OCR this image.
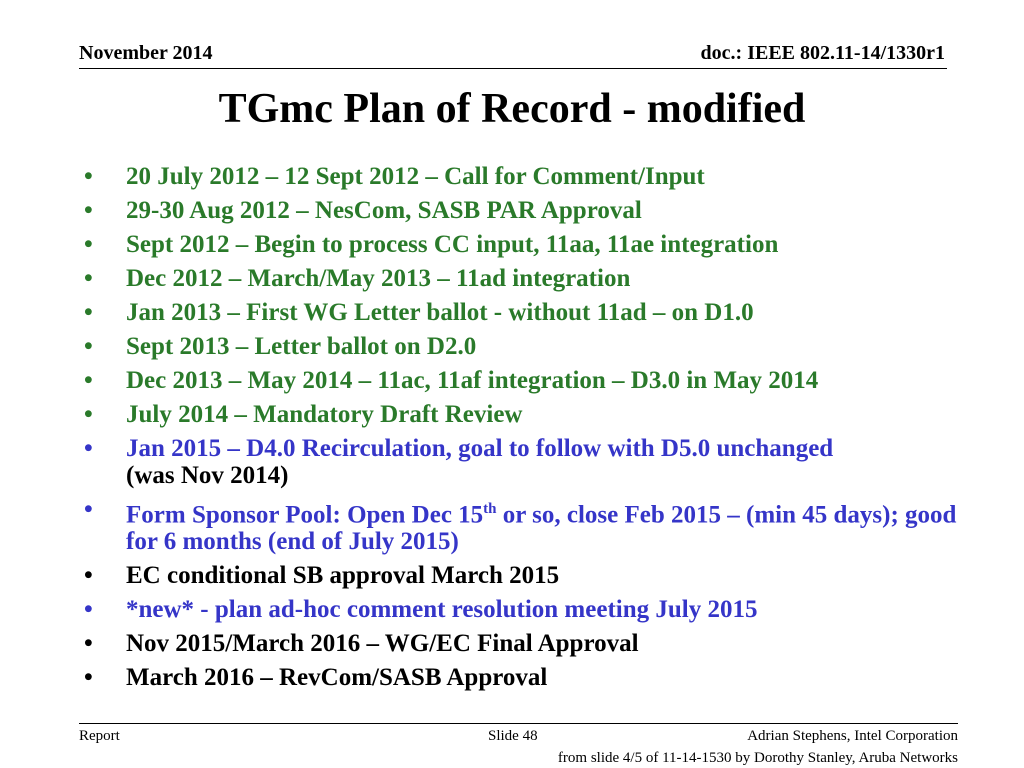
November 2014	doc.: IEEE 802.11-14/1330r1
TGmc Plan of Record - modified
• 20 July 2012 – 12 Sept 2012 – Call for Comment/Input
• 29-30 Aug 2012 – NesCom, SASB PAR Approval
• Sept 2012 – Begin to process CC input, 11aa, 11ae integration
• Dec 2012 – March/May 2013 – 11ad integration
• Jan 2013 – First WG Letter ballot - without 11ad – on D1.0
• Sept 2013 – Letter ballot on D2.0
• Dec 2013 – May 2014 – 11ac, 11af integration – D3.0 in May 2014
• July 2014 – Mandatory Draft Review
• Jan 2015 – D4.0 Recirculation, goal to follow with D5.0 unchanged
(was Nov 2014)
• Form Sponsor Pool: Open Dec 15th or so, close Feb 2015 – (min 45 days); good for 6 months (end of July 2015)
• EC conditional SB approval March 2015
• *new* - plan ad-hoc comment resolution meeting July 2015
• Nov 2015/March 2016 – WG/EC Final Approval
• March 2016 – RevCom/SASB Approval
Report	Slide 48	Adrian Stephens, Intel Corporation
from slide 4/5 of 11-14-1530 by Dorothy Stanley, Aruba Networks
